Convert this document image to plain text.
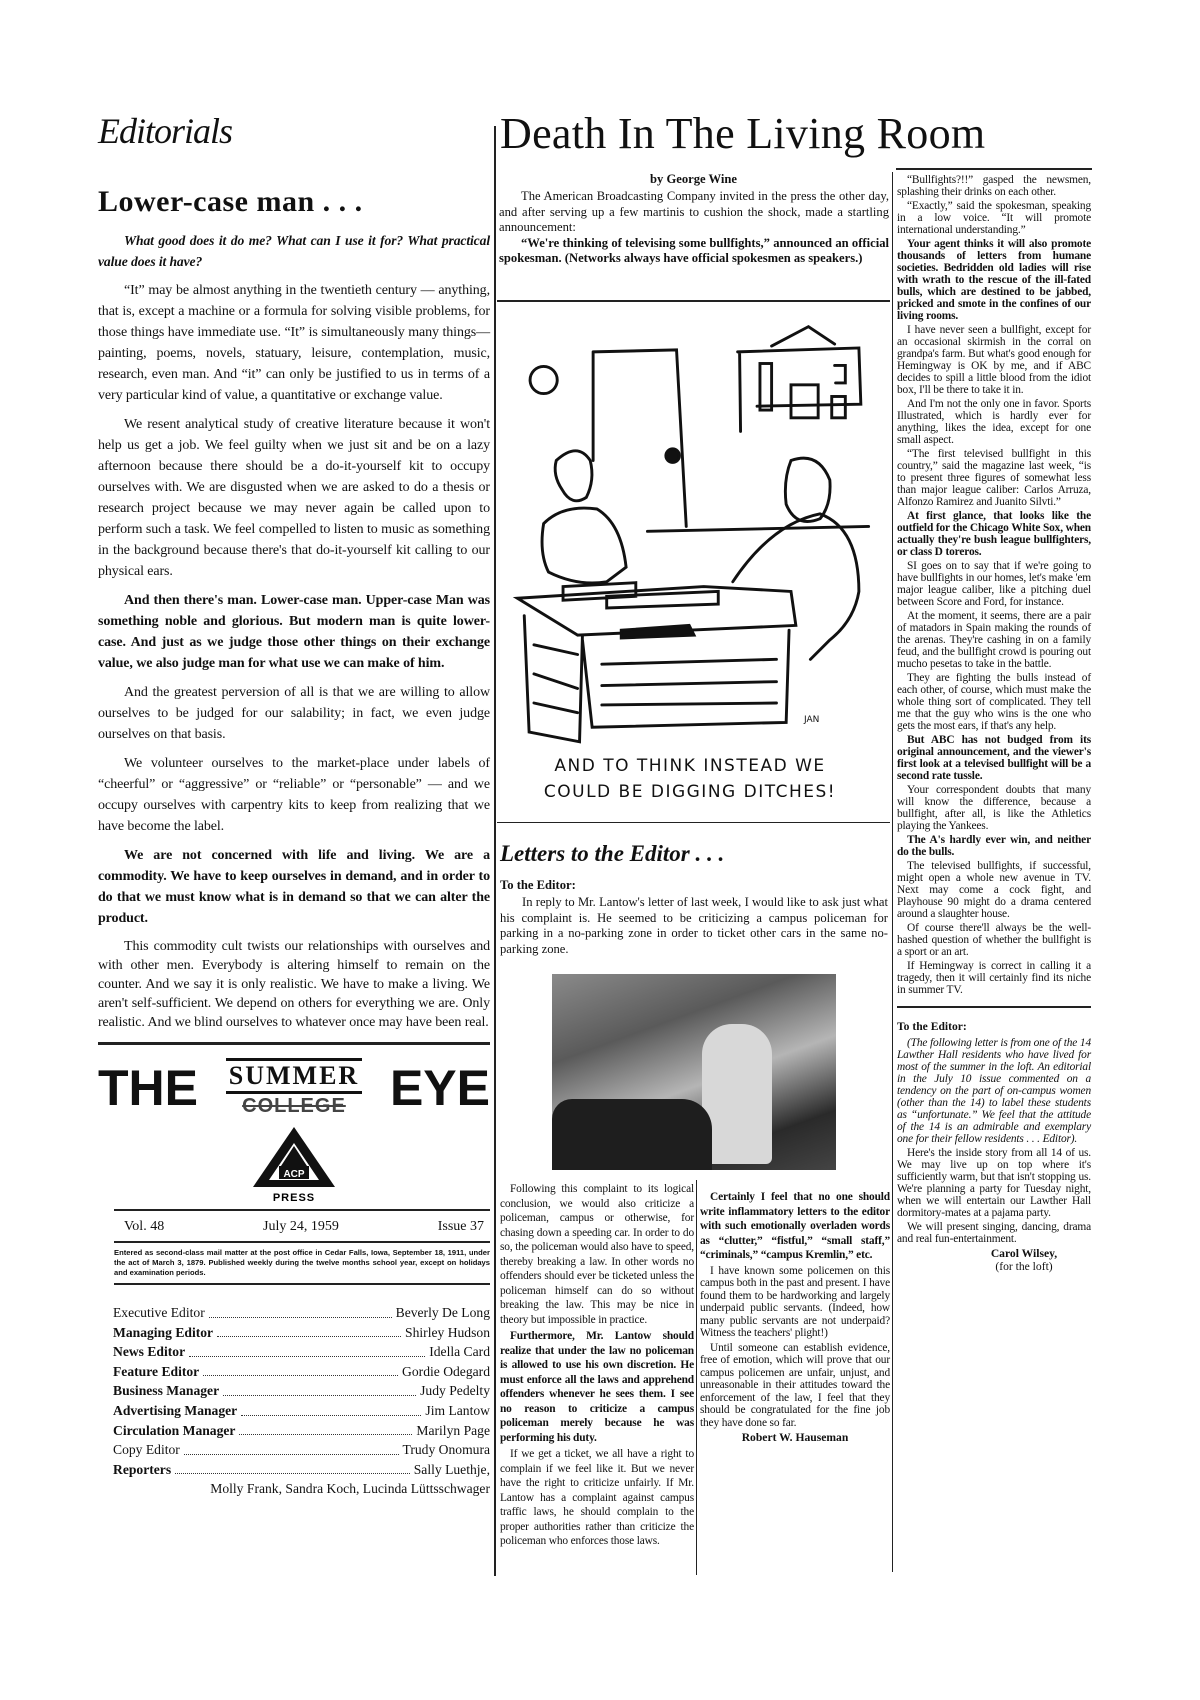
Editorials
Lower-case man . . .

What good does it do me? What can I use it for? What practical value does it have?

“It” may be almost anything in the twentieth century — anything, that is, except a machine or a formula for solving visible problems, for those things have immediate use. “It” is simultaneously many things—painting, poems, novels, statuary, leisure, contemplation, music, research, even man. And “it” can only be justified to us in terms of a very particular kind of value, a quantitative or exchange value.

We resent analytical study of creative literature because it won't help us get a job. We feel guilty when we just sit and be on a lazy afternoon because there should be a do-it-yourself kit to occupy ourselves with. We are disgusted when we are asked to do a thesis or research project because we may never again be called upon to perform such a task. We feel compelled to listen to music as something in the background because there's that do-it-yourself kit calling to our physical ears.

And then there's man. Lower-case man. Upper-case Man was something noble and glorious. But modern man is quite lower-case. And just as we judge those other things on their exchange value, we also judge man for what use we can make of him.

And the greatest perversion of all is that we are willing to allow ourselves to be judged for our salability; in fact, we even judge ourselves on that basis.

We volunteer ourselves to the market-place under labels of “cheerful” or “aggressive” or “reliable” or “personable” — and we occupy ourselves with carpentry kits to keep from realizing that we have become the label.

We are not concerned with life and living. We are a commodity. We have to keep ourselves in demand, and in order to do that we must know what is in demand so that we can alter the product.

This commodity cult twists our relationships with ourselves and with other men. Everybody is altering himself to remain on the counter. And we say it is only realistic. We have to make a living. We aren't self-sufficient. We depend on others for everything we are. Only realistic. And we blind ourselves to whatever once may have been real.

THE SUMMER
COLLEGE EYE
ACP
PRESS
Vol. 48	July 24, 1959	Issue 37
Entered as second-class mail matter at the post office in Cedar Falls, Iowa, September 18, 1911, under the act of March 3, 1879. Published weekly during the twelve months school year, except on holidays and examination periods.
Executive Editor	Beverly De Long
Managing Editor	Shirley Hudson
News Editor	Idella Card
Feature Editor	Gordie Odegard
Business Manager	Judy Pedelty
Advertising Manager	Jim Lantow
Circulation Manager	Marilyn Page
Copy Editor	Trudy Onomura
Reporters	Sally Luethje,
Molly Frank, Sandra Koch, Lucinda Lüttsschwager
Death In The Living Room
by George Wine

The American Broadcasting Company invited in the press the other day, and after serving up a few martinis to cushion the shock, made a startling announcement:

“We're thinking of televising some bullfights,” announced an official spokesman. (Networks always have official spokesmen as speakers.)

JAN
AND TO THINK INSTEAD WE COULD BE DIGGING DITCHES!
Letters to the Editor . . .
To the Editor:

In reply to Mr. Lantow's letter of last week, I would like to ask just what his complaint is. He seemed to be criticizing a campus policeman for parking in a no-parking zone in order to ticket other cars in the same no-parking zone.

Following this complaint to its logical conclusion, we would also criticize a policeman, campus or otherwise, for chasing down a speeding car. In order to do so, the policeman would also have to speed, thereby breaking a law. In other words no offenders should ever be ticketed unless the policeman himself can do so without breaking the law. This may be nice in theory but impossible in practice.

Furthermore, Mr. Lantow should realize that under the law no policeman is allowed to use his own discretion. He must enforce all the laws and apprehend offenders whenever he sees them. I see no reason to criticize a campus policeman merely because he was performing his duty.

If we get a ticket, we all have a right to complain if we feel like it. But we never have the right to criticize unfairly. If Mr. Lantow has a complaint against campus traffic laws, he should complain to the proper authorities rather than criticize the policeman who enforces those laws.

Certainly I feel that no one should write inflammatory letters to the editor with such emotionally overladen words as “clutter,” “fistful,” “small staff,” “criminals,” “campus Kremlin,” etc.

I have known some policemen on this campus both in the past and present. I have found them to be hardworking and largely underpaid public servants. (Indeed, how many public servants are not underpaid? Witness the teachers' plight!)

Until someone can establish evidence, free of emotion, which will prove that our campus policemen are unfair, unjust, and unreasonable in their attitudes toward the enforcement of the law, I feel that they should be congratulated for the fine job they have done so far.

Robert W. Hauseman

“Bullfights?!!” gasped the newsmen, splashing their drinks on each other.

“Exactly,” said the spokesman, speaking in a low voice. “It will promote international understanding.”

Your agent thinks it will also promote thousands of letters from humane societies. Bedridden old ladies will rise with wrath to the rescue of the ill-fated bulls, which are destined to be jabbed, pricked and smote in the confines of our living rooms.

I have never seen a bullfight, except for an occasional skirmish in the corral on grandpa's farm. But what's good enough for Hemingway is OK by me, and if ABC decides to spill a little blood from the idiot box, I'll be there to take it in.

And I'm not the only one in favor. Sports Illustrated, which is hardly ever for anything, likes the idea, except for one small aspect.

“The first televised bullfight in this country,” said the magazine last week, “is to present three figures of somewhat less than major league caliber: Carlos Arruza, Alfonzo Ramirez and Juanito Silvti.”

At first glance, that looks like the outfield for the Chicago White Sox, when actually they're bush league bullfighters, or class D toreros.

SI goes on to say that if we're going to have bullfights in our homes, let's make 'em major league caliber, like a pitching duel between Score and Ford, for instance.

At the moment, it seems, there are a pair of matadors in Spain making the rounds of the arenas. They're cashing in on a family feud, and the bullfight crowd is pouring out mucho pesetas to take in the battle.

They are fighting the bulls instead of each other, of course, which must make the whole thing sort of complicated. They tell me that the guy who wins is the one who gets the most ears, if that's any help.

But ABC has not budged from its original announcement, and the viewer's first look at a televised bullfight will be a second rate tussle.

Your correspondent doubts that many will know the difference, because a bullfight, after all, is like the Athletics playing the Yankees.

The A's hardly ever win, and neither do the bulls.

The televised bullfights, if successful, might open a whole new avenue in TV. Next may come a cock fight, and Playhouse 90 might do a drama centered around a slaughter house.

Of course there'll always be the well-hashed question of whether the bullfight is a sport or an art.

If Hemingway is correct in calling it a tragedy, then it will certainly find its niche in summer TV.

To the Editor:

(The following letter is from one of the 14 Lawther Hall residents who have lived for most of the summer in the loft. An editorial in the July 10 issue commented on a tendency on the part of on-campus women (other than the 14) to label these students as “unfortunate.” We feel that the attitude of the 14 is an admirable and exemplary one for their fellow residents . . . Editor).

Here's the inside story from all 14 of us. We may live up on top where it's sufficiently warm, but that isn't stopping us. We're planning a party for Tuesday night, when we will entertain our Lawther Hall dormitory-mates at a pajama party.

We will present singing, dancing, drama and real fun-entertainment.

Carol Wilsey,
(for the loft)
